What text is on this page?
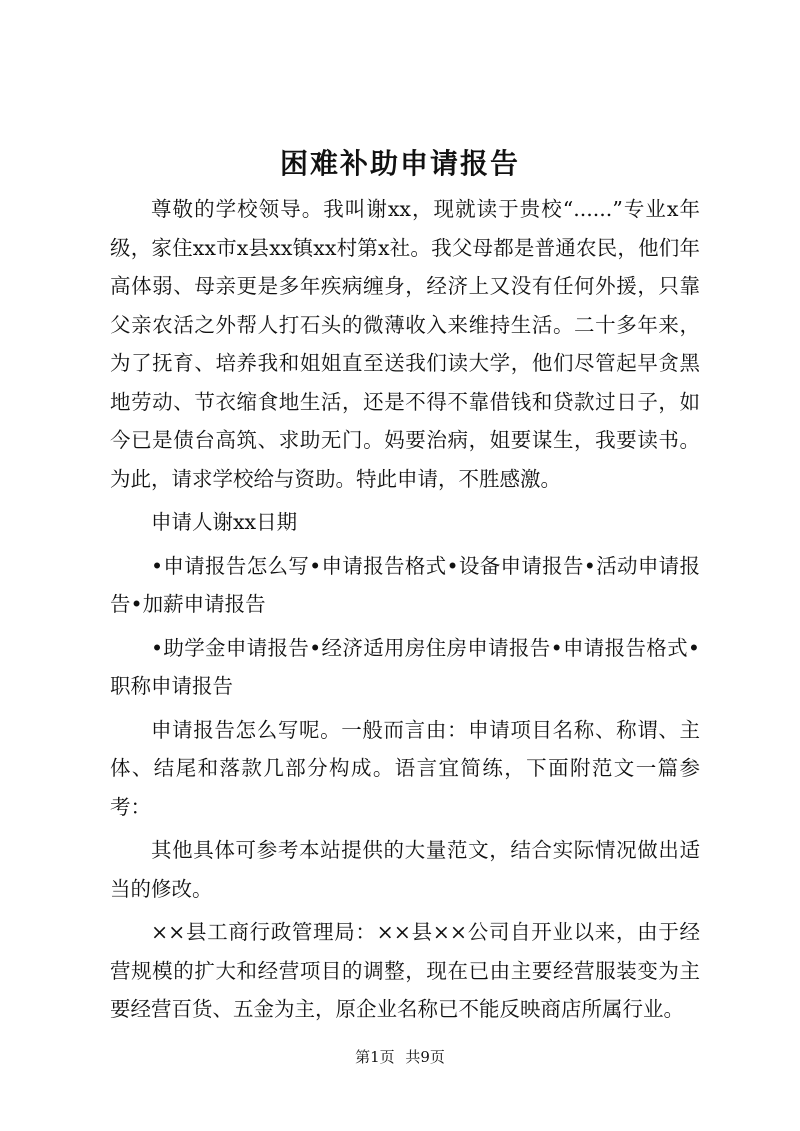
困难补助申请报告

尊敬的学校领导。我叫谢xx，现就读于贵校“......”专业x年级，家住xx市x县xx镇xx村第x社。我父母都是普通农民，他们年高体弱、母亲更是多年疾病缠身，经济上又没有任何外援，只靠父亲农活之外帮人打石头的微薄收入来维持生活。二十多年来，为了抚育、培养我和姐姐直至送我们读大学，他们尽管起早贪黑地劳动、节衣缩食地生活，还是不得不靠借钱和贷款过日子，如今已是债台高筑、求助无门。妈要治病，姐要谋生，我要读书。为此，请求学校给与资助。特此申请，不胜感激。

申请人谢xx日期

•申请报告怎么写•申请报告格式•设备申请报告•活动申请报告•加薪申请报告

•助学金申请报告•经济适用房住房申请报告•申请报告格式•职称申请报告

申请报告怎么写呢。一般而言由：申请项目名称、称谓、主体、结尾和落款几部分构成。语言宜简练，下面附范文一篇参考：

其他具体可参考本站提供的大量范文，结合实际情况做出适当的修改。

××县工商行政管理局：××县××公司自开业以来，由于经营规模的扩大和经营项目的调整，现在已由主要经营服装变为主要经营百货、五金为主，原企业名称已不能反映商店所属行业。

第1页 共9页
